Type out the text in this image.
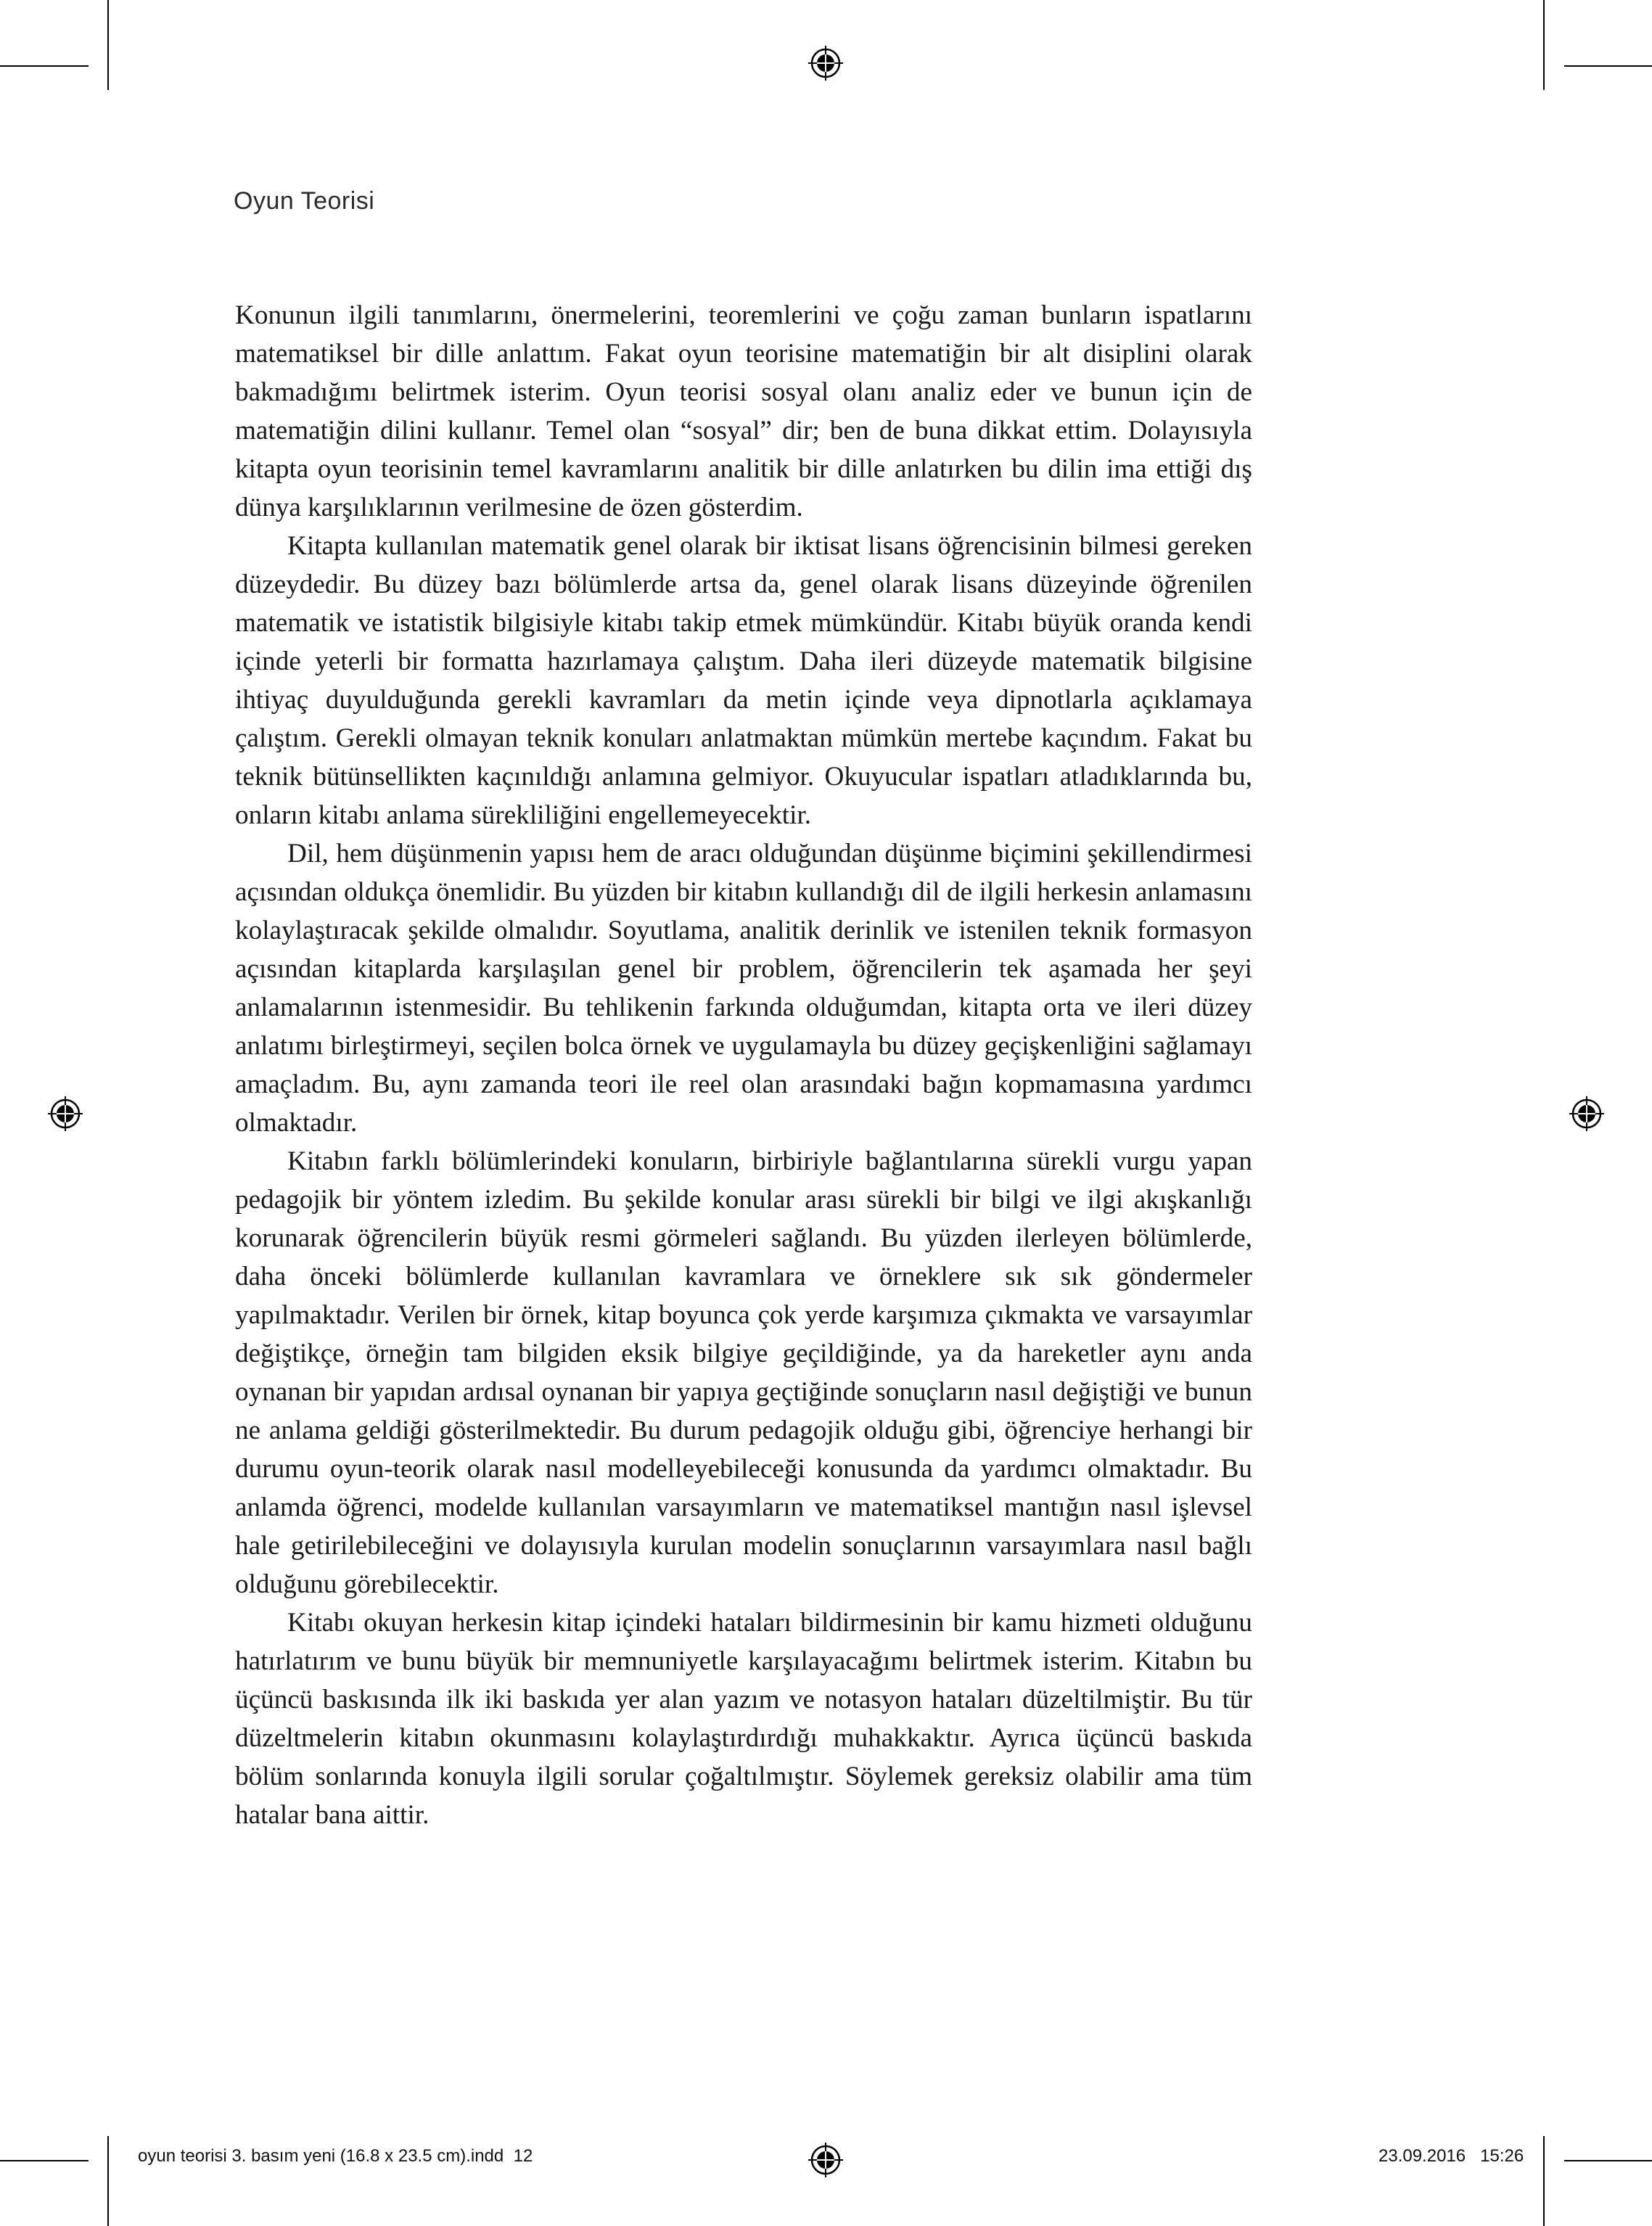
Oyun Teorisi

Konunun ilgili tanımlarını, önermelerini, teoremlerini ve çoğu zaman bunların ispatlarını matematiksel bir dille anlattım. Fakat oyun teorisine matematiğin bir alt disiplini olarak bakmadığımı belirtmek isterim. Oyun teorisi sosyal olanı analiz eder ve bunun için de matematiğin dilini kullanır. Temel olan “sosyal” dir; ben de buna dikkat ettim. Dolayısıyla kitapta oyun teorisinin temel kavramlarını analitik bir dille anlatırken bu dilin ima ettiği dış dünya karşılıklarının verilmesine de özen gösterdim.

Kitapta kullanılan matematik genel olarak bir iktisat lisans öğrencisinin bilmesi gereken düzeydedir. Bu düzey bazı bölümlerde artsa da, genel olarak lisans düzeyinde öğrenilen matematik ve istatistik bilgisiyle kitabı takip etmek mümkündür. Kitabı büyük oranda kendi içinde yeterli bir formatta hazırlamaya çalıştım. Daha ileri düzeyde matematik bilgisine ihtiyaç duyulduğunda gerekli kavramları da metin içinde veya dipnotlarla açıklamaya çalıştım. Gerekli olmayan teknik konuları anlatmaktan mümkün mertebe kaçındım. Fakat bu teknik bütünsellikten kaçınıldığı anlamına gelmiyor. Okuyucular ispatları atladıklarında bu, onların kitabı anlama sürekliliğini engellemeyecektir.

Dil, hem düşünmenin yapısı hem de aracı olduğundan düşünme biçimini şekillendirmesi açısından oldukça önemlidir. Bu yüzden bir kitabın kullandığı dil de ilgili herkesin anlamasını kolaylaştıracak şekilde olmalıdır. Soyutlama, analitik derinlik ve istenilen teknik formasyon açısından kitaplarda karşılaşılan genel bir problem, öğrencilerin tek aşamada her şeyi anlamalarının istenmesidir. Bu tehlikenin farkında olduğumdan, kitapta orta ve ileri düzey anlatımı birleştirmeyi, seçilen bolca örnek ve uygulamayla bu düzey geçişkenliğini sağlamayı amaçladım. Bu, aynı zamanda teori ile reel olan arasındaki bağın kopmamasına yardımcı olmaktadır.

Kitabın farklı bölümlerindeki konuların, birbiriyle bağlantılarına sürekli vurgu yapan pedagojik bir yöntem izledim. Bu şekilde konular arası sürekli bir bilgi ve ilgi akışkanlığı korunarak öğrencilerin büyük resmi görmeleri sağlandı. Bu yüzden ilerleyen bölümlerde, daha önceki bölümlerde kullanılan kavramlara ve örneklere sık sık göndermeler yapılmaktadır. Verilen bir örnek, kitap boyunca çok yerde karşımıza çıkmakta ve varsayımlar değiştikçe, örneğin tam bilgiden eksik bilgiye geçildiğinde, ya da hareketler aynı anda oynanan bir yapıdan ardısal oynanan bir yapıya geçtiğinde sonuçların nasıl değiştiği ve bunun ne anlama geldiği gösterilmektedir. Bu durum pedagojik olduğu gibi, öğrenciye herhangi bir durumu oyun-teorik olarak nasıl modelleyebileceği konusunda da yardımcı olmaktadır. Bu anlamda öğrenci, modelde kullanılan varsayımların ve matematiksel mantığın nasıl işlevsel hale getirilebileceğini ve dolayısıyla kurulan modelin sonuçlarının varsayımlara nasıl bağlı olduğunu görebilecektir.

Kitabı okuyan herkesin kitap içindeki hataları bildirmesinin bir kamu hizmeti olduğunu hatırlatırım ve bunu büyük bir memnuniyetle karşılayacağımı belirtmek isterim. Kitabın bu üçüncü baskısında ilk iki baskıda yer alan yazım ve notasyon hataları düzeltilmiştir. Bu tür düzeltmelerin kitabın okunmasını kolaylaştırdırdığı muhakkaktır. Ayrıca üçüncü baskıda bölüm sonlarında konuyla ilgili sorular çoğaltılmıştır. Söylemek gereksiz olabilir ama tüm hatalar bana aittir.

oyun teorisi 3. basım yeni (16.8 x 23.5 cm).indd 12	23.09.2016 15:26
